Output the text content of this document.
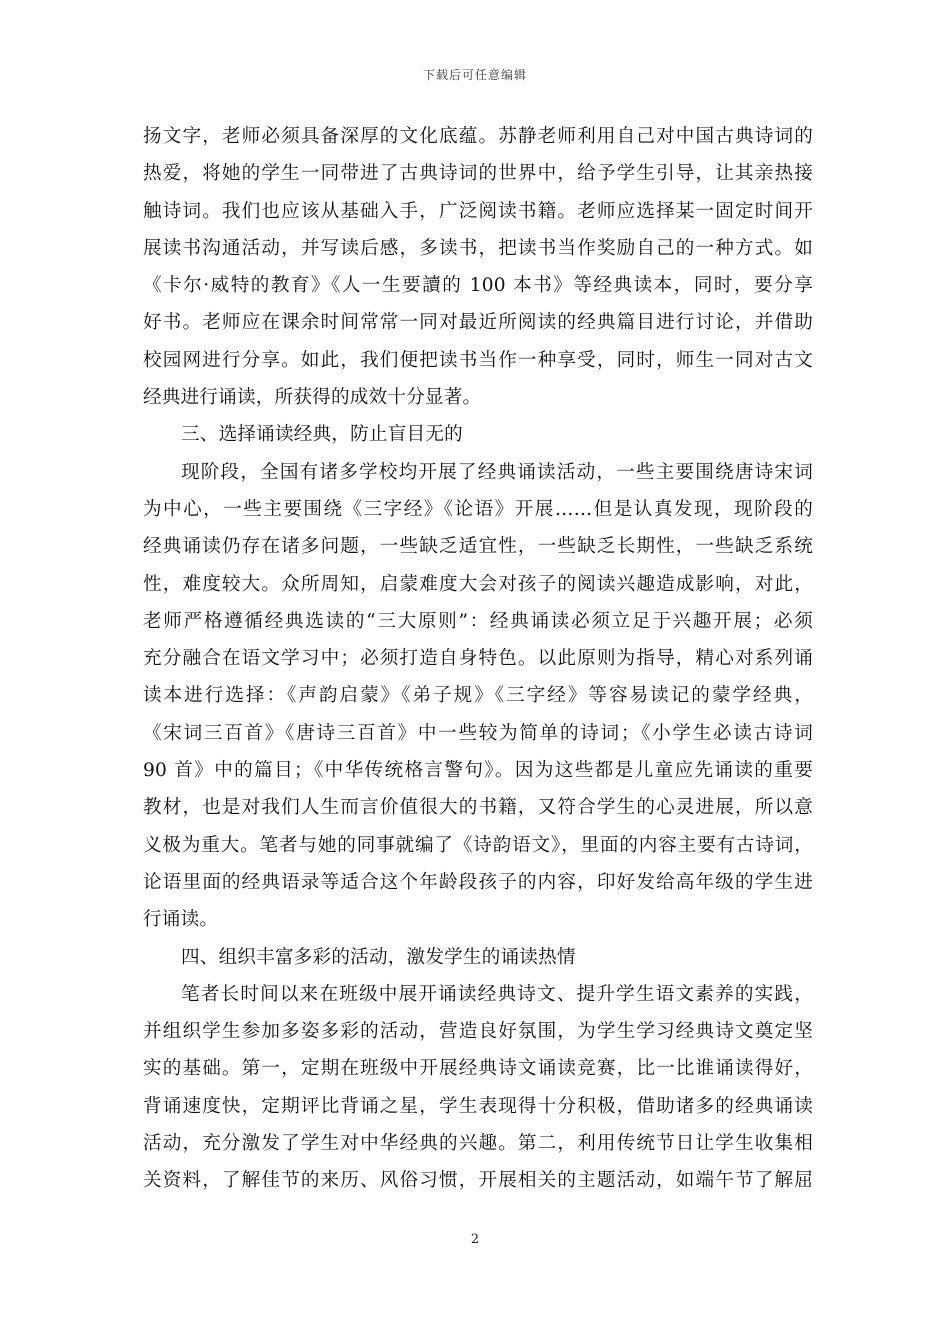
下载后可任意编辑
扬文字，老师必须具备深厚的文化底蕴。苏静老师利用自己对中国古典诗词的
热爱，将她的学生一同带进了古典诗词的世界中，给予学生引导，让其亲热接
触诗词。我们也应该从基础入手，广泛阅读书籍。老师应选择某一固定时间开
展读书沟通活动，并写读后感，多读书，把读书当作奖励自己的一种方式。如
《卡尔·威特的教育》《人一生要讀的 100 本书》等经典读本，同时，要分享
好书。老师应在课余时间常常一同对最近所阅读的经典篇目进行讨论，并借助
校园网进行分享。如此，我们便把读书当作一种享受，同时，师生一同对古文
经典进行诵读，所获得的成效十分显著。
三、选择诵读经典，防止盲目无的
现阶段，全国有诸多学校均开展了经典诵读活动，一些主要围绕唐诗宋词
为中心，一些主要围绕《三字经》《论语》开展……但是认真发现，现阶段的
经典诵读仍存在诸多问题，一些缺乏适宜性，一些缺乏长期性，一些缺乏系统
性，难度较大。众所周知，启蒙难度大会对孩子的阅读兴趣造成影响，对此，
老师严格遵循经典选读的“三大原则”：经典诵读必须立足于兴趣开展；必须
充分融合在语文学习中；必须打造自身特色。以此原则为指导，精心对系列诵
读本进行选择：《声韵启蒙》《弟子规》《三字经》等容易读记的蒙学经典，
《宋词三百首》《唐诗三百首》中一些较为简单的诗词；《小学生必读古诗词
90 首》中的篇目；《中华传统格言警句》。因为这些都是儿童应先诵读的重要
教材，也是对我们人生而言价值很大的书籍，又符合学生的心灵进展，所以意
义极为重大。笔者与她的同事就编了《诗韵语文》，里面的内容主要有古诗词，
论语里面的经典语录等适合这个年龄段孩子的内容，印好发给高年级的学生进
行诵读。
四、组织丰富多彩的活动，激发学生的诵读热情
笔者长时间以来在班级中展开诵读经典诗文、提升学生语文素养的实践，
并组织学生参加多姿多彩的活动，营造良好氛围，为学生学习经典诗文奠定坚
实的基础。第一，定期在班级中开展经典诗文诵读竞赛，比一比谁诵读得好，
背诵速度快，定期评比背诵之星，学生表现得十分积极，借助诸多的经典诵读
活动，充分激发了学生对中华经典的兴趣。第二，利用传统节日让学生收集相
关资料，了解佳节的来历、风俗习惯，开展相关的主题活动，如端午节了解屈
2
